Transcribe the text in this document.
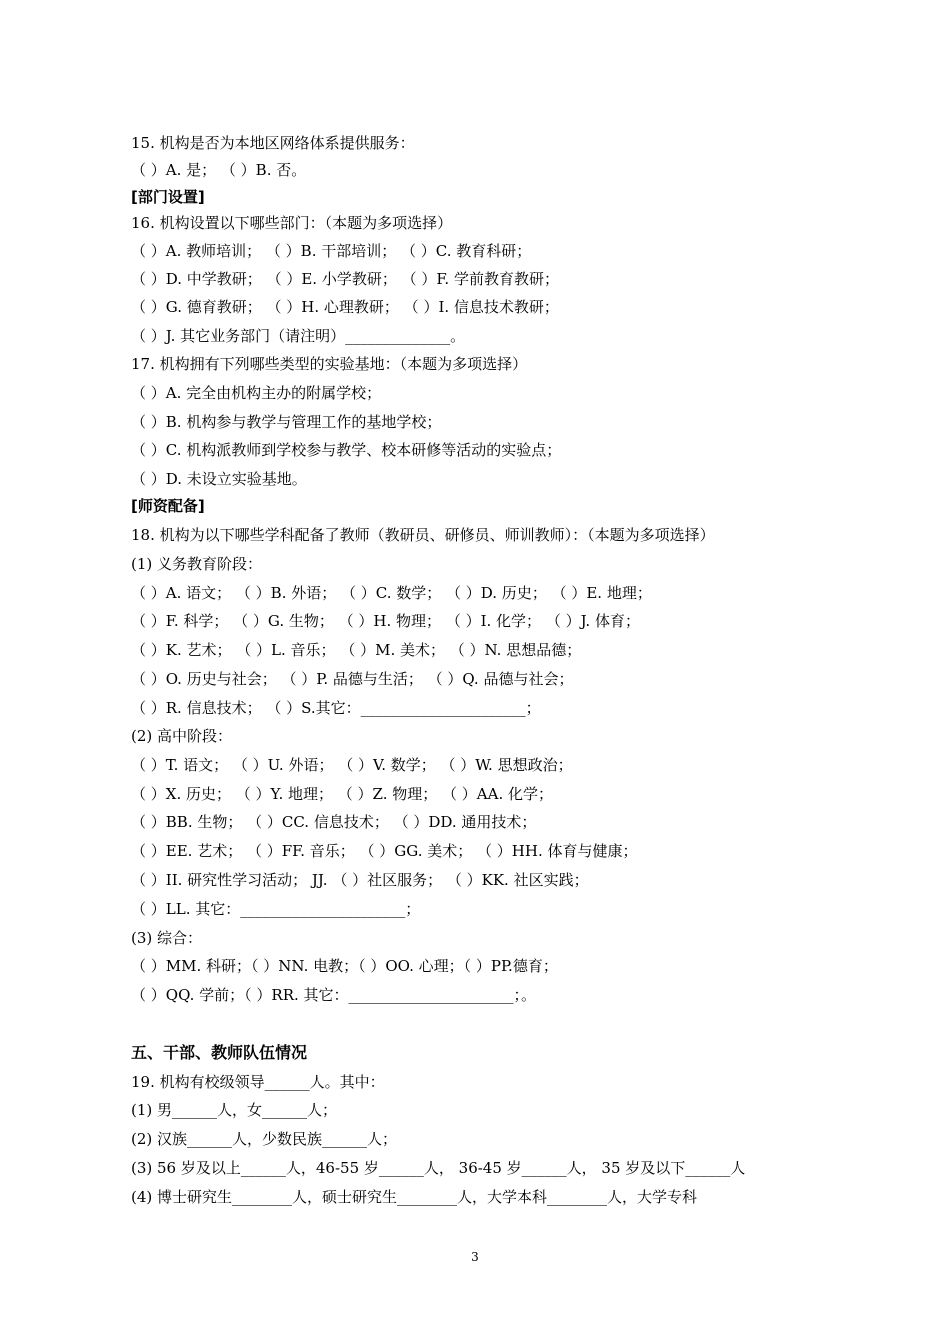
15. 机构是否为本地区网络体系提供服务：
（ ）A. 是； （ ）B. 否。
[部门设置]
16. 机构设置以下哪些部门：（本题为多项选择）
（ ）A. 教师培训； （ ）B. 干部培训； （ ）C. 教育科研；
（ ）D. 中学教研； （ ）E. 小学教研； （ ）F. 学前教育教研；
（ ）G. 德育教研； （ ）H. 心理教研； （ ）I. 信息技术教研；
（ ）J. 其它业务部门（请注明）______________。
17. 机构拥有下列哪些类型的实验基地：（本题为多项选择）
（ ）A. 完全由机构主办的附属学校；
（ ）B. 机构参与教学与管理工作的基地学校；
（ ）C. 机构派教师到学校参与教学、校本研修等活动的实验点；
（ ）D. 未设立实验基地。
[师资配备]
18. 机构为以下哪些学科配备了教师（教研员、研修员、师训教师）：（本题为多项选择）
(1) 义务教育阶段：
（ ）A. 语文； （ ）B. 外语； （ ）C. 数学； （ ）D. 历史； （ ）E. 地理；
（ ）F. 科学； （ ）G. 生物； （ ）H. 物理； （ ）I. 化学； （ ）J. 体育；
（ ）K. 艺术； （ ）L. 音乐； （ ）M. 美术； （ ）N. 思想品德；
（ ）O. 历史与社会； （ ）P. 品德与生活； （ ）Q. 品德与社会；
（ ）R. 信息技术； （ ）S.其它：______________________；
(2) 高中阶段：
（ ）T. 语文； （ ）U. 外语； （ ）V. 数学； （ ）W. 思想政治；
（ ）X. 历史； （ ）Y. 地理； （ ）Z. 物理； （ ）AA. 化学；
（ ）BB. 生物； （ ）CC. 信息技术； （ ）DD. 通用技术；
（ ）EE. 艺术； （ ）FF. 音乐； （ ）GG. 美术； （ ）HH. 体育与健康；
（ ）II. 研究性学习活动； JJ. （ ）社区服务； （ ）KK. 社区实践；
（ ）LL. 其它：______________________；
(3) 综合：
（ ）MM. 科研；（ ）NN. 电教；（ ）OO. 心理；（ ）PP.德育；
（ ）QQ. 学前；（ ）RR. 其它：______________________；。
五、干部、教师队伍情况
19. 机构有校级领导______人。其中：
(1) 男______人，女______人；
(2) 汉族______人，少数民族______人；
(3) 56 岁及以上______人，46-55 岁______人， 36-45 岁______人， 35 岁及以下______人
(4) 博士研究生________人，硕士研究生________人，大学本科________人，大学专科
3
